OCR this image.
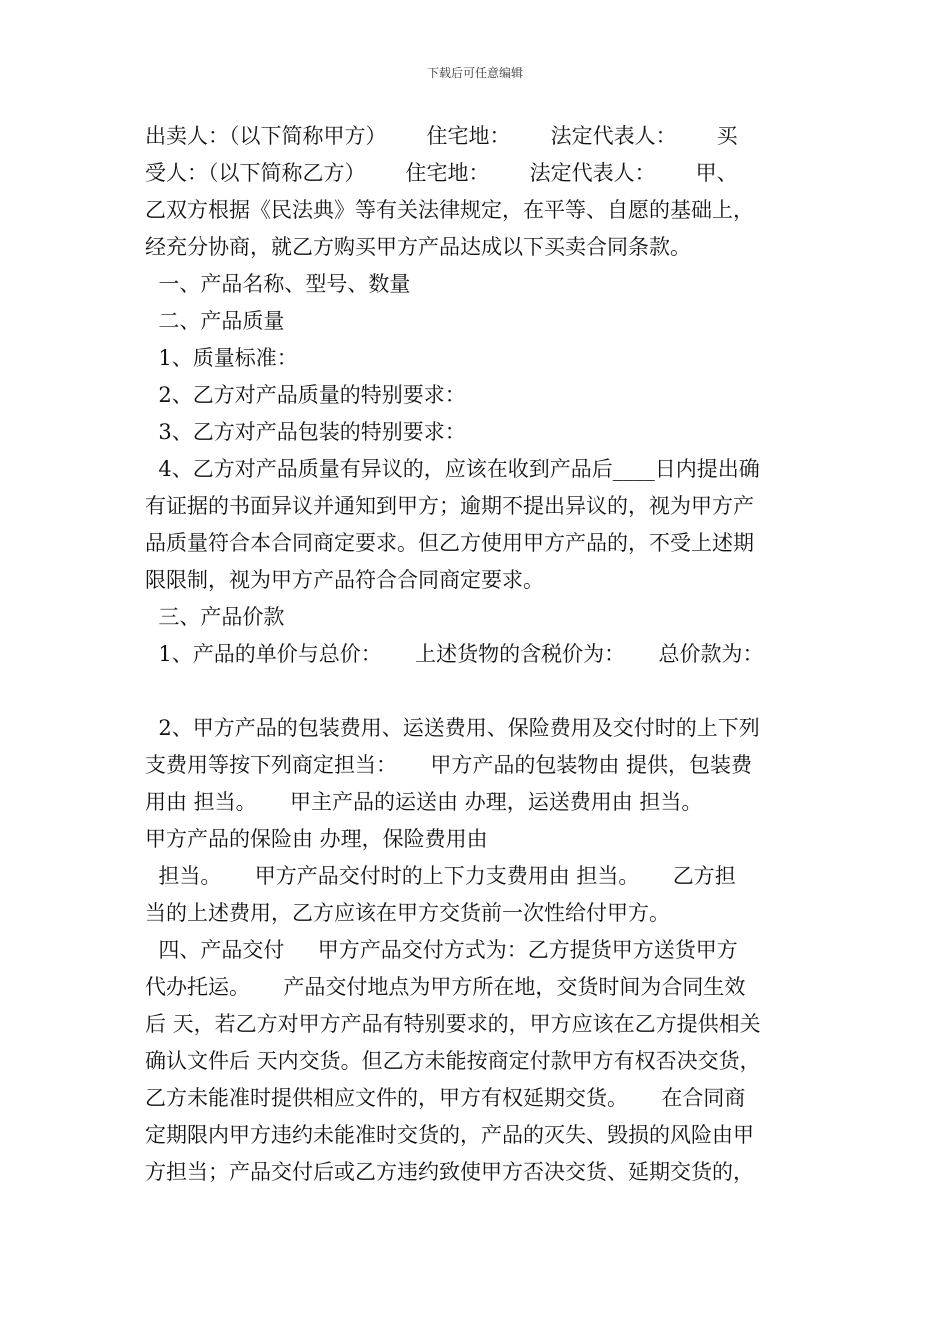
下载后可任意编辑
出卖人：（以下简称甲方）      住宅地：      法定代表人：      买
受人：（以下简称乙方）      住宅地：      法定代表人：      甲、
乙双方根据《民法典》等有关法律规定，在平等、自愿的基础上，
经充分协商，就乙方购买甲方产品达成以下买卖合同条款。
一、产品名称、型号、数量
二、产品质量
1、质量标准：
2、乙方对产品质量的特别要求：
3、乙方对产品包装的特别要求：
4、乙方对产品质量有异议的，应该在收到产品后____日内提出确
有证据的书面异议并通知到甲方；逾期不提出异议的，视为甲方产
品质量符合本合同商定要求。但乙方使用甲方产品的，不受上述期
限限制，视为甲方产品符合合同商定要求。
三、产品价款
1、产品的单价与总价：     上述货物的含税价为：     总价款为：
2、甲方产品的包装费用、运送费用、保险费用及交付时的上下列
支费用等按下列商定担当：     甲方产品的包装物由 提供，包装费
用由 担当。     甲主产品的运送由 办理，运送费用由 担当。
甲方产品的保险由 办理，保险费用由
担当。     甲方产品交付时的上下力支费用由 担当。     乙方担
当的上述费用，乙方应该在甲方交货前一次性给付甲方。
四、产品交付     甲方产品交付方式为：乙方提货甲方送货甲方
代办托运。     产品交付地点为甲方所在地，交货时间为合同生效
后 天，若乙方对甲方产品有特别要求的，甲方应该在乙方提供相关
确认文件后 天内交货。但乙方未能按商定付款甲方有权否决交货，
乙方未能准时提供相应文件的，甲方有权延期交货。     在合同商
定期限内甲方违约未能准时交货的，产品的灭失、毁损的风险由甲
方担当；产品交付后或乙方违约致使甲方否决交货、延期交货的，
